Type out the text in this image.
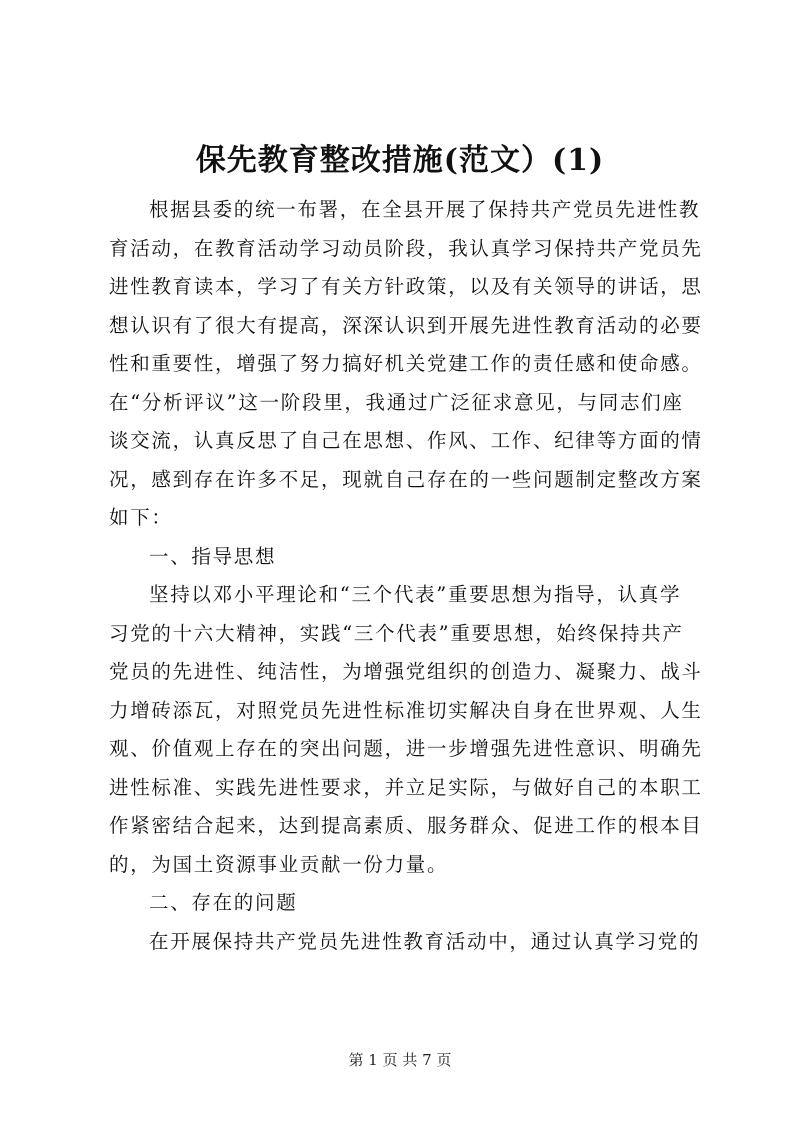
保先教育整改措施(范文）(1)
根据县委的统一布署，在全县开展了保持共产党员先进性教
育活动，在教育活动学习动员阶段，我认真学习保持共产党员先
进性教育读本，学习了有关方针政策，以及有关领导的讲话，思
想认识有了很大有提高，深深认识到开展先进性教育活动的必要
性和重要性，增强了努力搞好机关党建工作的责任感和使命感。
在“分析评议”这一阶段里，我通过广泛征求意见，与同志们座
谈交流，认真反思了自己在思想、作风、工作、纪律等方面的情
况，感到存在许多不足，现就自己存在的一些问题制定整改方案
如下：
一、指导思想
坚持以邓小平理论和“三个代表”重要思想为指导，认真学
习党的十六大精神，实践“三个代表”重要思想，始终保持共产
党员的先进性、纯洁性，为增强党组织的创造力、凝聚力、战斗
力增砖添瓦，对照党员先进性标准切实解决自身在世界观、人生
观、价值观上存在的突出问题，进一步增强先进性意识、明确先
进性标准、实践先进性要求，并立足实际，与做好自己的本职工
作紧密结合起来，达到提高素质、服务群众、促进工作的根本目
的，为国土资源事业贡献一份力量。
二、存在的问题
在开展保持共产党员先进性教育活动中，通过认真学习党的
第 1 页 共 7 页
